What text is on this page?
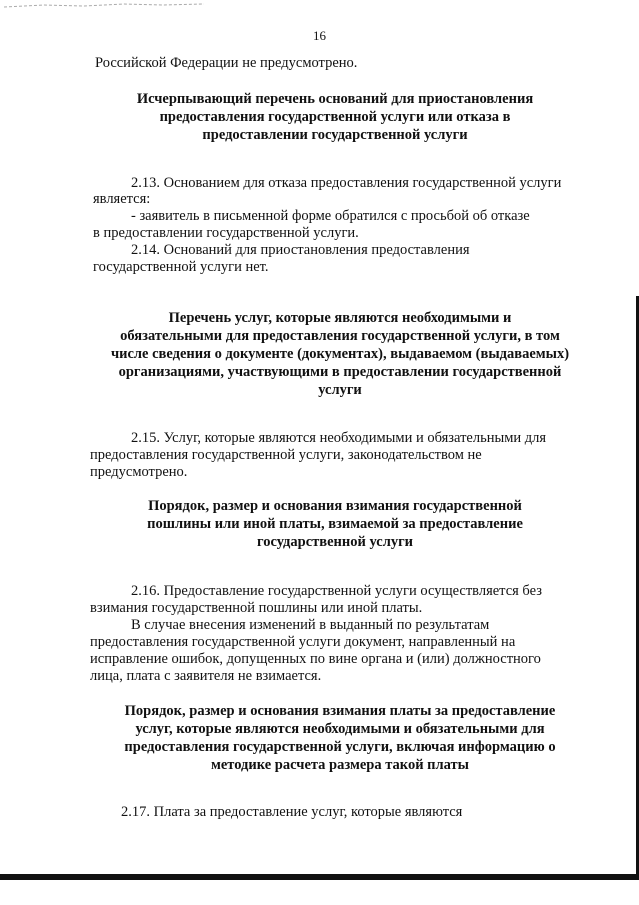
16
Российской Федерации не предусмотрено.
Исчерпывающий перечень оснований для приостановления
предоставления государственной услуги или отказа в
предоставлении государственной услуги
2.13. Основанием для отказа предоставления государственной услуги
является:
- заявитель в письменной форме обратился с просьбой об отказе
в предоставлении государственной услуги.
2.14. Оснований для приостановления предоставления
государственной услуги нет.
Перечень услуг, которые являются необходимыми и
обязательными для предоставления государственной услуги, в том
числе сведения о документе (документах), выдаваемом (выдаваемых)
организациями, участвующими в предоставлении государственной
услуги
2.15. Услуг, которые являются необходимыми и обязательными для
предоставления государственной услуги, законодательством не
предусмотрено.
Порядок, размер и основания взимания государственной
пошлины или иной платы, взимаемой за предоставление
государственной услуги
2.16. Предоставление государственной услуги осуществляется без
взимания государственной пошлины или иной платы.
В случае внесения изменений в выданный по результатам
предоставления государственной услуги документ, направленный на
исправление ошибок, допущенных по вине органа и (или) должностного
лица, плата с заявителя не взимается.
Порядок, размер и основания взимания платы за предоставление
услуг, которые являются необходимыми и обязательными для
предоставления государственной услуги, включая информацию о
методике расчета размера такой платы
2.17. Плата за предоставление услуг, которые являются
